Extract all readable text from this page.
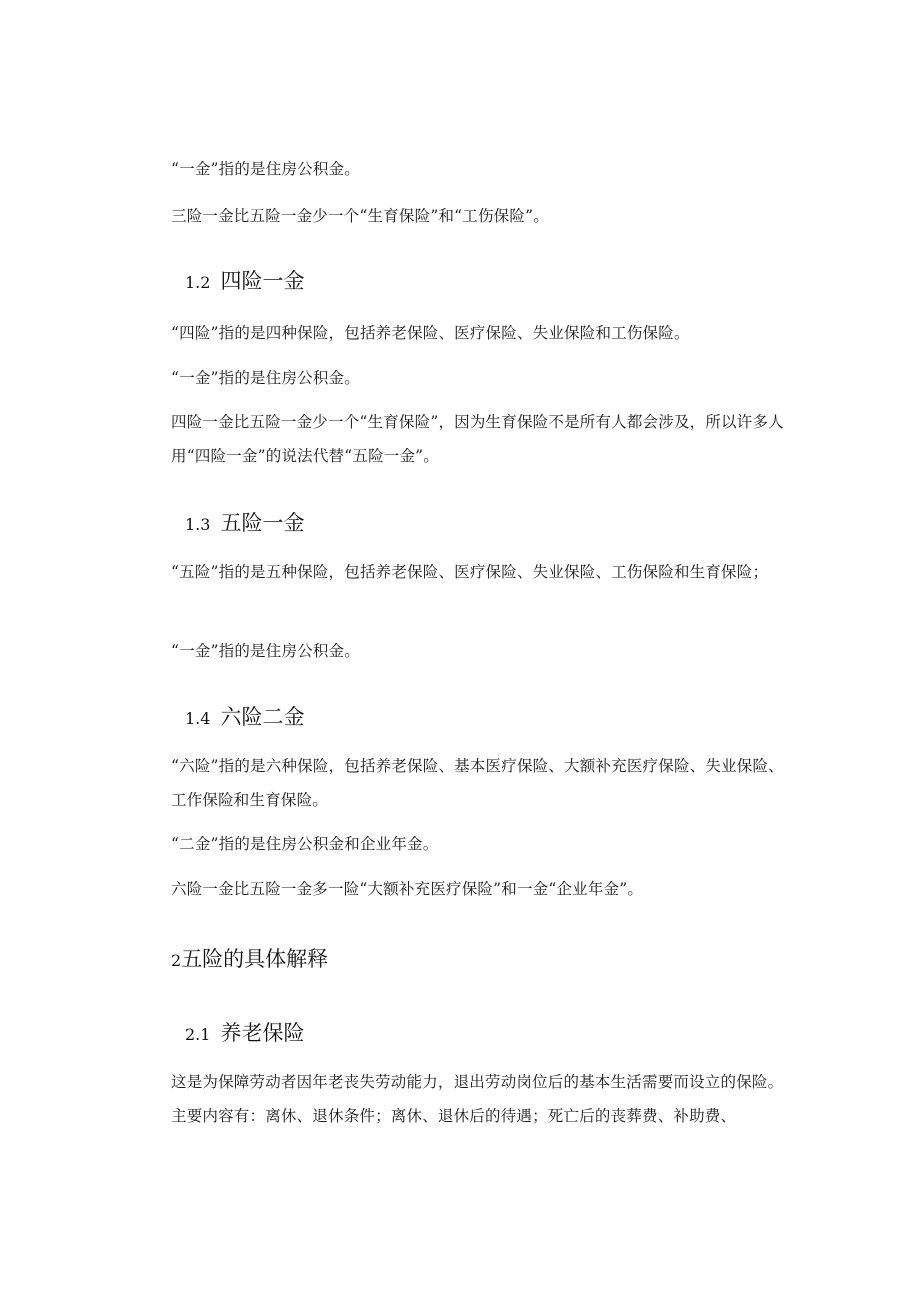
“一金”指的是住房公积金。

三险一金比五险一金少一个“生育保险”和“工伤保险”。

1.2 四险一金

“四险”指的是四种保险，包括养老保险、医疗保险、失业保险和工伤保险。

“一金”指的是住房公积金。

四险一金比五险一金少一个“生育保险”，因为生育保险不是所有人都会涉及，所以许多人用“四险一金”的说法代替“五险一金”。

1.3 五险一金

“五险”指的是五种保险，包括养老保险、医疗保险、失业保险、工伤保险和生育保险；

“一金”指的是住房公积金。

1.4 六险二金

“六险”指的是六种保险，包括养老保险、基本医疗保险、大额补充医疗保险、失业保险、工作保险和生育保险。

“二金”指的是住房公积金和企业年金。

六险一金比五险一金多一险“大额补充医疗保险”和一金“企业年金”。

2五险的具体解释
2.1 养老保险

这是为保障劳动者因年老丧失劳动能力，退出劳动岗位后的基本生活需要而设立的保险。主要内容有：离休、退休条件；离休、退休后的待遇；死亡后的丧葬费、补助费、
